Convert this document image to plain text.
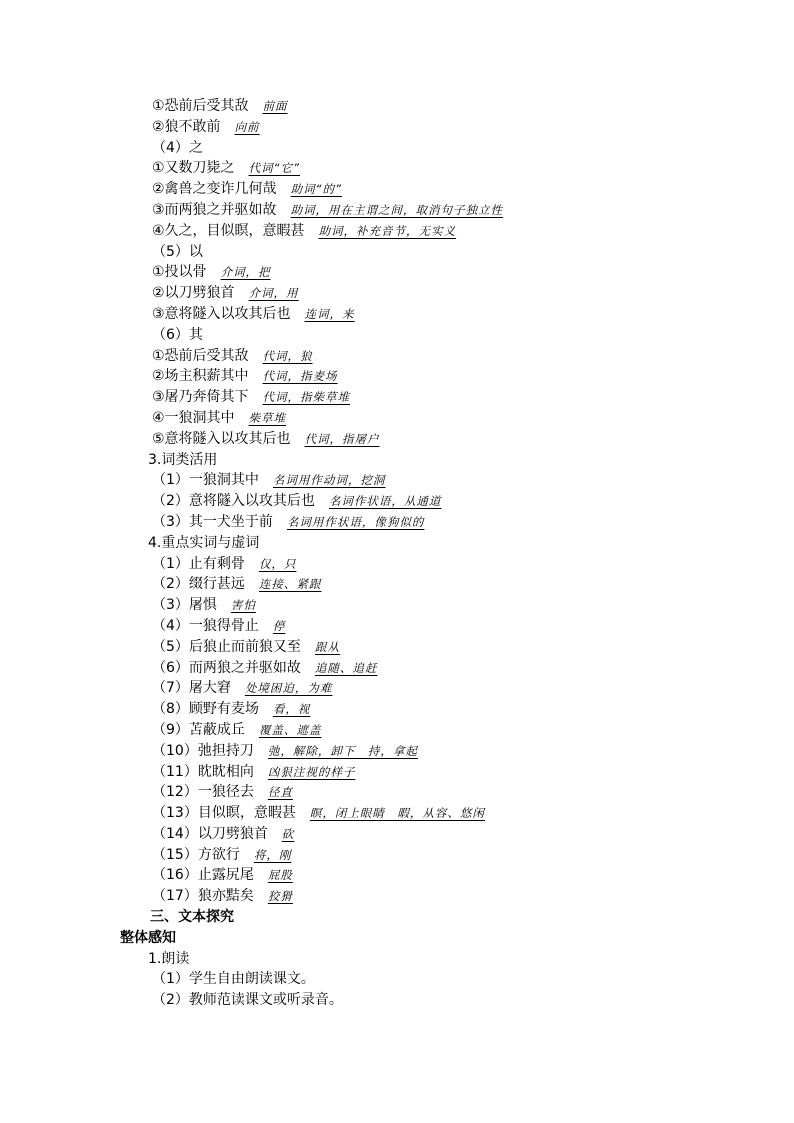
①恐前后受其敌 前面
②狼不敢前 向前
（4）之
①又数刀毙之 代词“它”
②禽兽之变诈几何哉 助词“的”
③而两狼之并驱如故 助词，用在主谓之间，取消句子独立性
④久之，目似瞑，意暇甚 助词，补充音节，无实义
（5）以
①投以骨 介词，把
②以刀劈狼首 介词，用
③意将隧入以攻其后也 连词，来
（6）其
①恐前后受其敌 代词，狼
②场主积薪其中 代词，指麦场
③屠乃奔倚其下 代词，指柴草堆
④一狼洞其中 柴草堆
⑤意将隧入以攻其后也 代词，指屠户
3.词类活用
（1）一狼洞其中 名词用作动词，挖洞
（2）意将隧入以攻其后也 名词作状语，从通道
（3）其一犬坐于前 名词用作状语，像狗似的
4.重点实词与虚词
（1）止有剩骨 仅，只
（2）缀行甚远 连接、紧跟
（3）屠惧 害怕
（4）一狼得骨止 停
（5）后狼止而前狼又至 跟从
（6）而两狼之并驱如故 追随、追赶
（7）屠大窘 处境困迫，为难
（8）顾野有麦场 看，视
（9）苫蔽成丘 覆盖、遮盖
（10）弛担持刀 弛，解除，卸下　持，拿起
（11）眈眈相向 凶狠注视的样子
（12）一狼径去 径直
（13）目似瞑，意暇甚 瞑，闭上眼睛　暇，从容、悠闲
（14）以刀劈狼首 砍
（15）方欲行 将，刚
（16）止露尻尾 屁股
（17）狼亦黠矣 狡猾
三、文本探究
整体感知
1.朗读
（1）学生自由朗读课文。
（2）教师范读课文或听录音。
